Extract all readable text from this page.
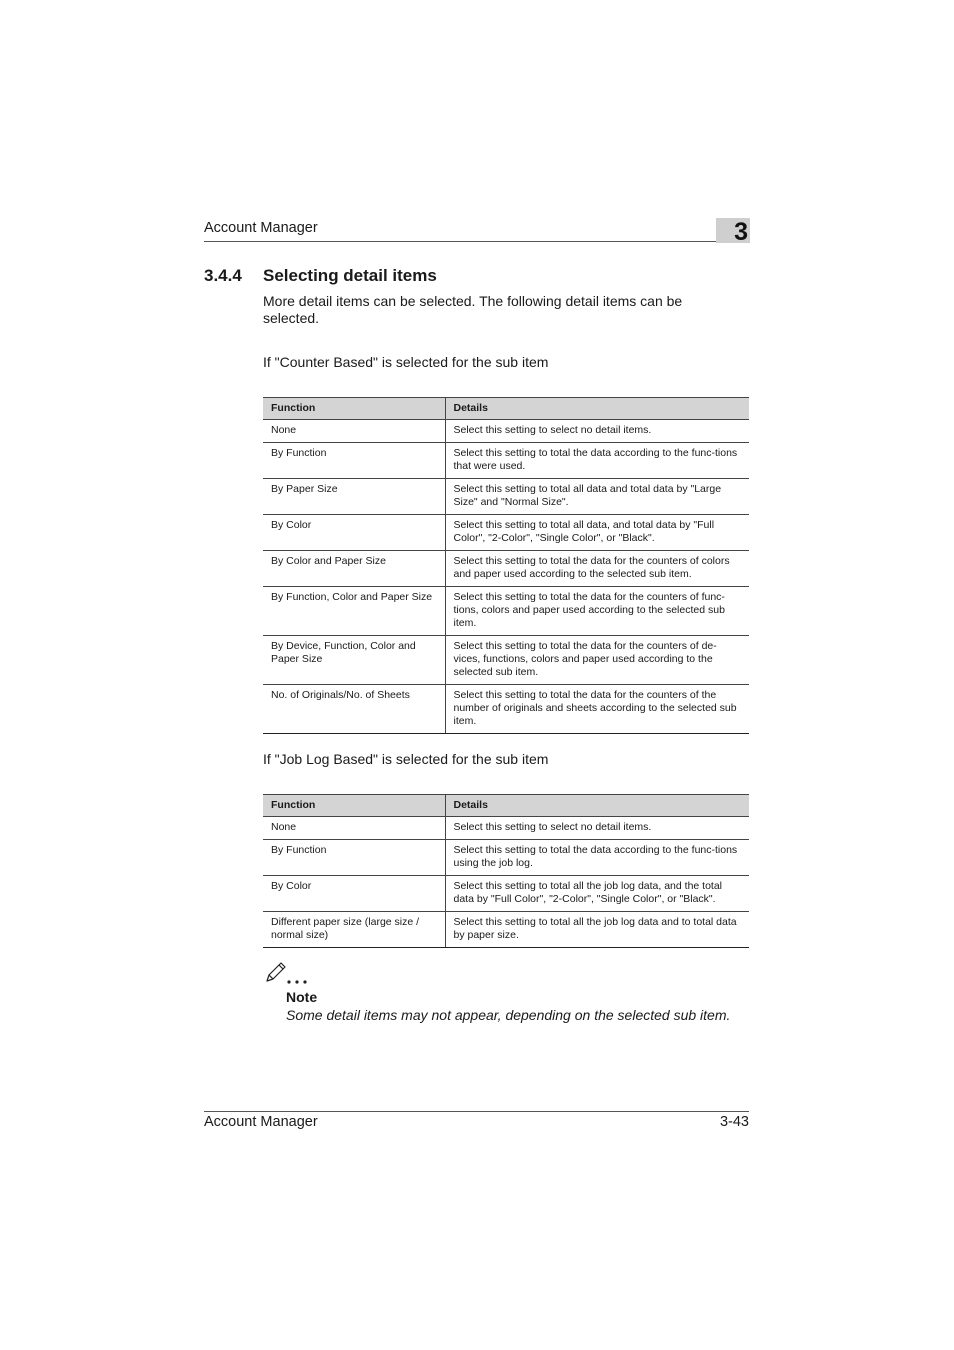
Account Manager	3
3.4.4 Selecting detail items
More detail items can be selected. The following detail items can be selected.
If "Counter Based" is selected for the sub item
Function	Details
None	Select this setting to select no detail items.
By Function	Select this setting to total the data according to the func-tions that were used.
By Paper Size	Select this setting to total all data and total data by "Large Size" and "Normal Size".
By Color	Select this setting to total all data, and total data by "Full Color", "2-Color", "Single Color", or "Black".
By Color and Paper Size	Select this setting to total the data for the counters of colors and paper used according to the selected sub item.
By Function, Color and Paper Size	Select this setting to total the data for the counters of func-tions, colors and paper used according to the selected sub item.
By Device, Function, Color and Paper Size	Select this setting to total the data for the counters of de-vices, functions, colors and paper used according to the selected sub item.
No. of Originals/No. of Sheets	Select this setting to total the data for the counters of the number of originals and sheets according to the selected sub item.
If "Job Log Based" is selected for the sub item
Function	Details
None	Select this setting to select no detail items.
By Function	Select this setting to total the data according to the func-tions using the job log.
By Color	Select this setting to total all the job log data, and the total data by "Full Color", "2-Color", "Single Color", or "Black".
Different paper size (large size / normal size)	Select this setting to total all the job log data and to total data by paper size.
Note
Some detail items may not appear, depending on the selected sub item.
Account Manager	3-43
